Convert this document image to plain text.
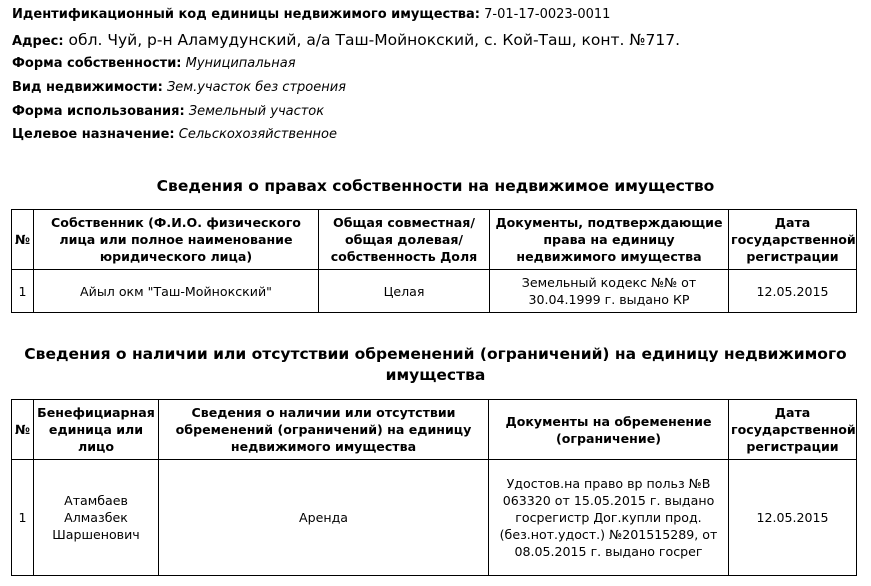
Идентификационный код единицы недвижимого имущества: 7-01-17-0023-0011
Адрес: обл. Чуй, р-н Аламудунский, а/а Таш-Мойнокский, с. Кой-Таш, конт. №717.
Форма собственности: Муниципальная
Вид недвижимости: Зем.участок без строения
Форма использования: Земельный участок
Целевое назначение: Сельскохозяйственное
Сведения о правах собственности на недвижимое имущество
№	Собственник (Ф.И.О. физического лица или полное наименование юридического лица)	Общая совместная/ общая долевая/ собственность Доля	Документы, подтверждающие права на единицу недвижимого имущества	Дата государственной регистрации
1	Айыл окм "Таш-Мойнокский"	Целая	Земельный кодекс №№ от 30.04.1999 г. выдано КР	12.05.2015
Сведения о наличии или отсутствии обременений (ограничений) на единицу недвижимого имущества
№	Бенефициарная единица или лицо	Сведения о наличии или отсутствии обременений (ограничений) на единицу недвижимого имущества	Документы на обременение (ограничение)	Дата государственной регистрации
1	Атамбаев Алмазбек Шаршенович	Аренда	Удостов.на право вр польз №В 063320 от 15.05.2015 г. выдано госрегистр Дог.купли прод.(без.нот.удост.) №201515289, от 08.05.2015 г. выдано госрег	12.05.2015
